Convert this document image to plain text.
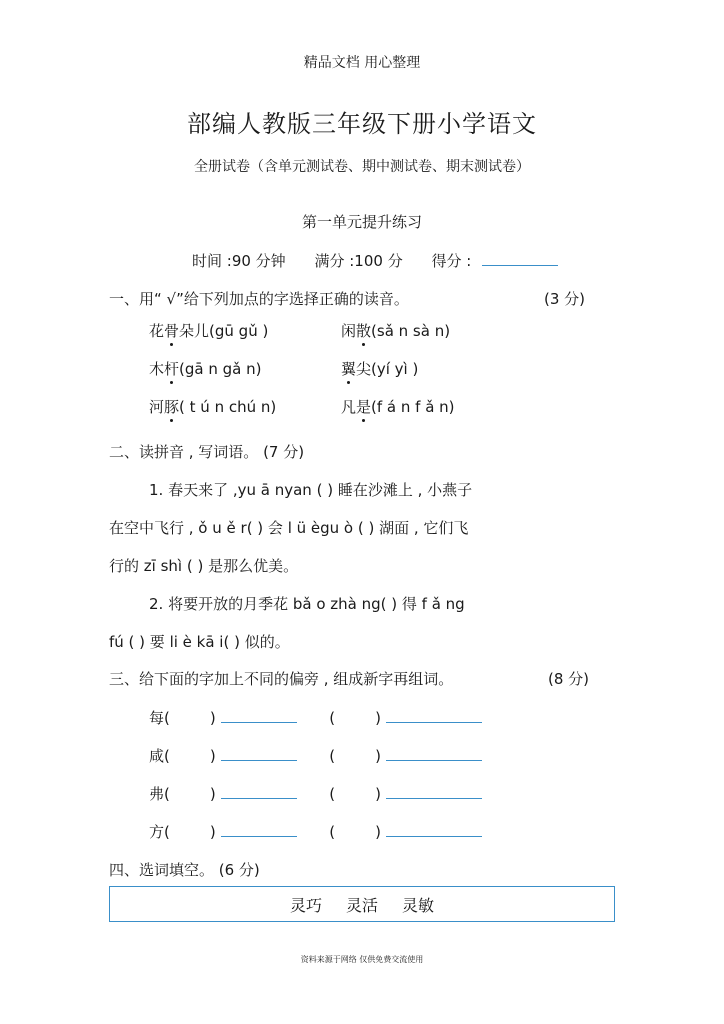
精品文档 用心整理
部编人教版三年级下册小学语文
全册试卷（含单元测试卷、期中测试卷、期末测试卷）
第一单元提升练习
时间 :90 分钟 满分 :100 分 得分 :
一、用“ √”给下列加点的字选择正确的读音。	(3 分)
花骨朵儿(gū gǔ )	闲散(sǎ n sà n)
木杆(gā n gǎ n)	翼尖(yí yì )
河豚( t ú n chú n)	凡是(f á n f ǎ n)
二、读拼音 , 写词语。 (7 分)
1. 春天来了 ,yu ā nyan ( ) 睡在沙滩上 , 小燕子
在空中飞行 , ǒ u ě r( ) 会 l ü ègu ò ( ) 湖面 , 它们飞
行的 zī shì ( ) 是那么优美。
2. 将要开放的月季花 bǎ o zhà ng( ) 得 f ǎ ng
fú ( ) 要 li è kā i( ) 似的。
三、给下面的字加上不同的偏旁 , 组成新字再组词。	(8 分)
每(	)	(	)
咸(	)	(	)
弗(	)	(	)
方(	)	(	)
四、选词填空。 (6 分)
灵巧 灵活 灵敏
资料来源于网络 仅供免费交流使用
